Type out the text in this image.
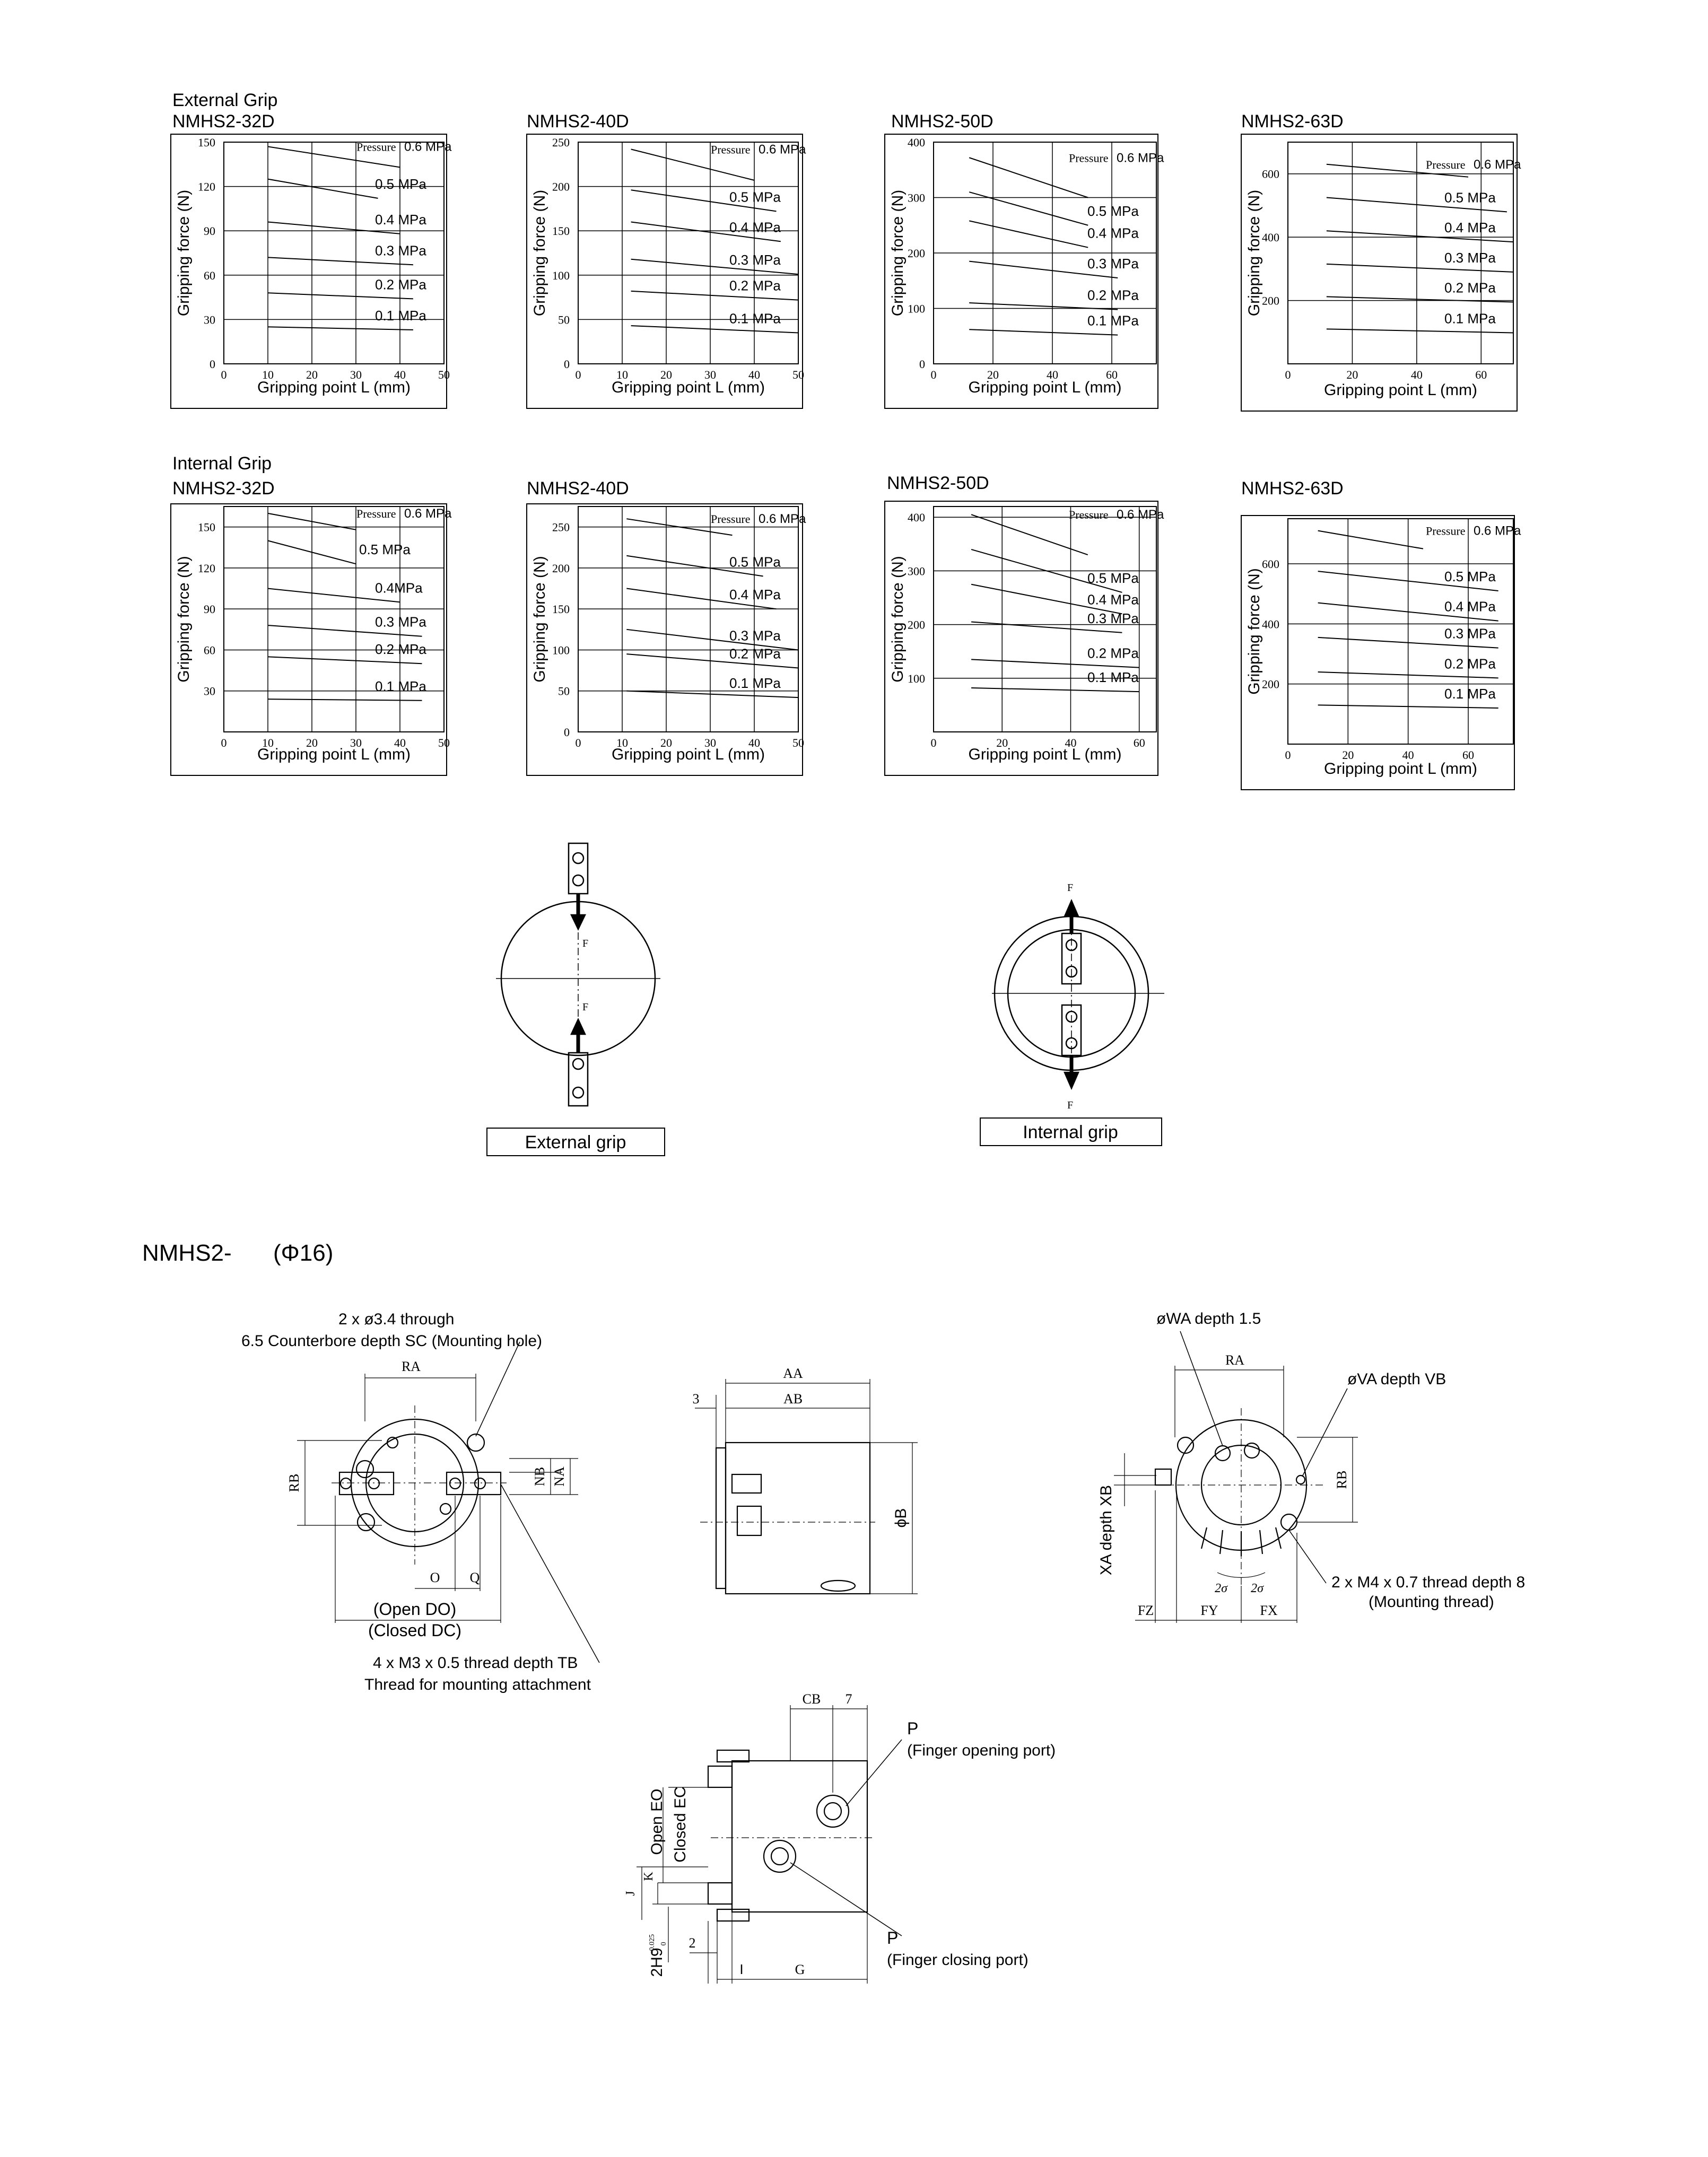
External Grip
Internal Grip
NMHS2-32D
0	10	20	30	40	50
0
30
60
90
120
150
Gripping point L (mm)
Gripping force (N)
Pressure 0.6 MPa
0.5 MPa
0.4 MPa
0.3 MPa
0.2 MPa
0.1 MPa
NMHS2-40D
0	10	20	30	40	50
0
50
100
150
200
250
Gripping point L (mm)
Gripping force (N)
Pressure 0.6 MPa
0.5 MPa
0.4 MPa
0.3 MPa
0.2 MPa
0.1 MPa
NMHS2-50D
0	20	40	60
0
100
200
300
400
Gripping point L (mm)
Gripping force (N)
Pressure 0.6 MPa
0.5 MPa
0.4 MPa
0.3 MPa
0.2 MPa
0.1 MPa
NMHS2-63D
0	20	40	60
200
400
600
Gripping point L (mm)
Gripping force (N)
Pressure 0.6 MPa
0.5 MPa
0.4 MPa
0.3 MPa
0.2 MPa
0.1 MPa
NMHS2-32D
0	10	20	30	40	50
30
60
90
120
150
Gripping point L (mm)
Gripping force (N)
Pressure 0.6 MPa
0.5 MPa
0.4MPa
0.3 MPa
0.2 MPa
0.1 MPa
NMHS2-40D
0	10	20	30	40	50
0
50
100
150
200
250
Gripping point L (mm)
Gripping force (N)
Pressure 0.6 MPa
0.5 MPa
0.4 MPa
0.3 MPa
0.2 MPa
0.1 MPa
NMHS2-50D
0	20	40	60
100
200
300
400
Gripping point L (mm)
Gripping force (N)
Pressure 0.6 MPa
0.5 MPa
0.4 MPa
0.3 MPa
0.2 MPa
0.1 MPa
NMHS2-63D
0	20	40	60
200
400
600
Gripping point L (mm)
Gripping force (N)
Pressure 0.6 MPa
0.5 MPa
0.4 MPa
0.3 MPa
0.2 MPa
0.1 MPa
F
F
External grip
F
F
Internal grip
NMHS2- (Φ16)
2 x ø3.4 through
6.5 Counterbore depth SC (Mounting hole)
RA
RB	NB NA
O Q
(Open DO)
(Closed DC)
4 x M3 x 0.5 thread depth TB
Thread for mounting attachment
AA
AB
3
ϕB
øWA depth 1.5
øVA depth VB
RA
RB
XA depth XB
2σ 2σ	2 x M4 x 0.7 thread depth 8
(Mounting thread)
FZ	FY	FX
CB 7
P
(Finger opening port)
P
(Finger closing port)
Open EO Closed EC
J
K
2H9
-0.025 0 2
I	G
